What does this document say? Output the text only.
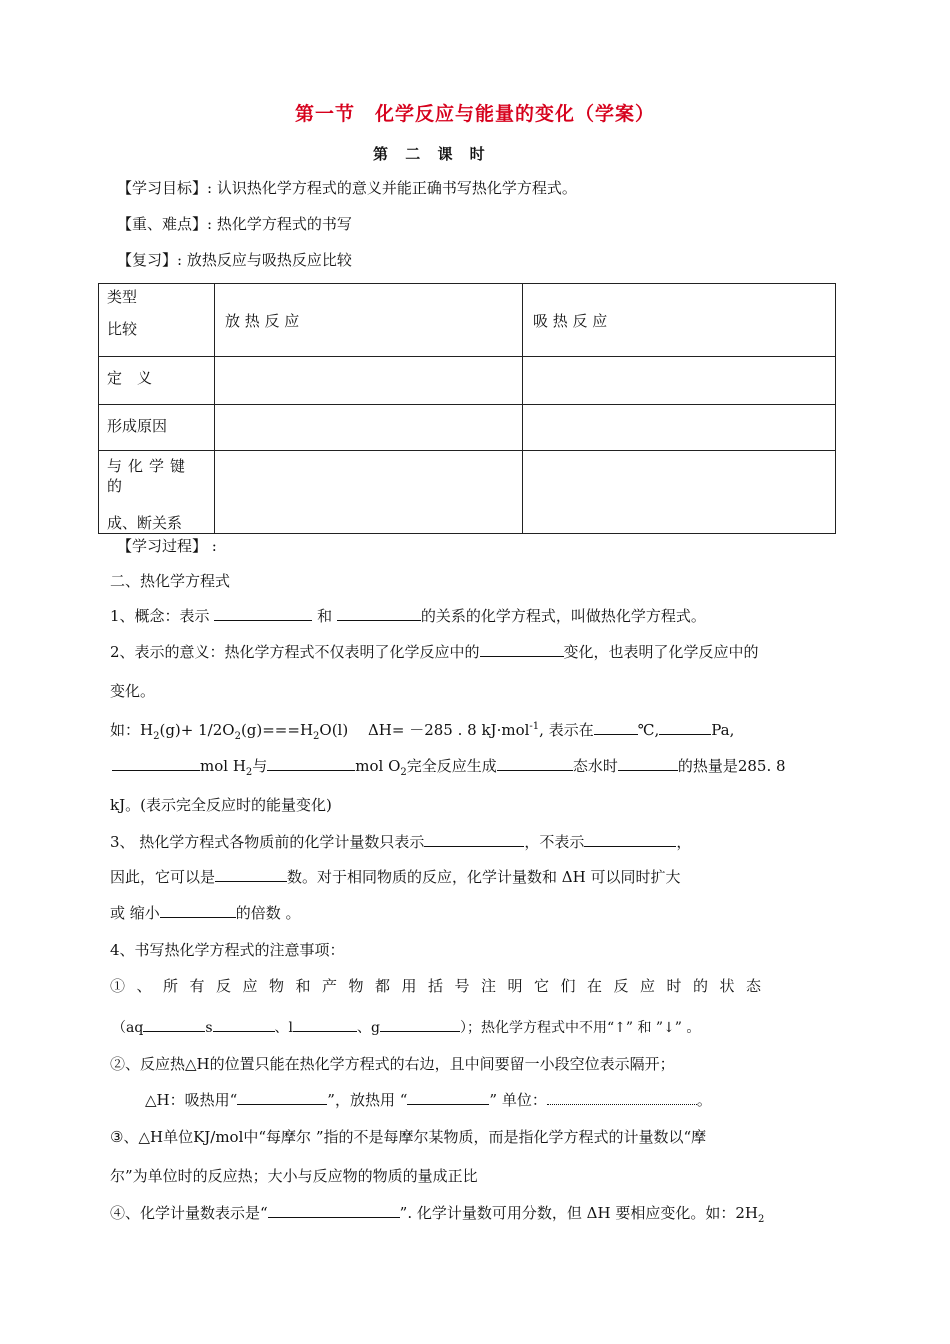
第一节　化学反应与能量的变化（学案）
第 二 课 时
【学习目标】: 认识热化学方程式的意义并能正确书写热化学方程式。
【重、难点】: 热化学方程式的书写
【复习】: 放热反应与吸热反应比较
类型
比较	放 热 反 应	吸 热 反 应
定　义		
形成原因		

与化学键的
成、断关系		

【学习过程】 :
二、热化学方程式
1、概念：表示	和	的关系的化学方程式，叫做热化学方程式。
2、表示的意义：热化学方程式不仅表明了化学反应中的	变化，也表明了化学反应中的
变化。
如：$H_2(g)+ 1/2O_2(g)===H_2O(l)$　 ΔH= －285 . 8 kJ·mol$^{-1}$, 表示在	℃,	Pa,
mol $H_2$与	mol $O_2$完全反应生成	态水时	的热量是285. 8
kJ。(表示完全反应时的能量变化)
3、 热化学方程式各物质前的化学计量数只表示	，不表示	，
因此，它可以是	数。对于相同物质的反应，化学计量数和 ΔH 可以同时扩大
或 缩小	的倍数 。
4、书写热化学方程式的注意事项：
①、所有反应物和产物都用括号注明它们在反应时的状态
（aq	s	、l	、g	）；热化学方程式中不用“↑” 和 ”↓” 。
②、反应热△H的位置只能在热化学方程式的右边，且中间要留一小段空位表示隔开；
△H：吸热用“	”，放热用 “	” 单位：	。
③、△H单位KJ/mol中“每摩尔 ”指的不是每摩尔某物质，而是指化学方程式的计量数以“摩
尔”为单位时的反应热；大小与反应物的物质的量成正比
④、化学计量数表示是“	”. 化学计量数可用分数，但 ΔH 要相应变化。如：$2H_2$
